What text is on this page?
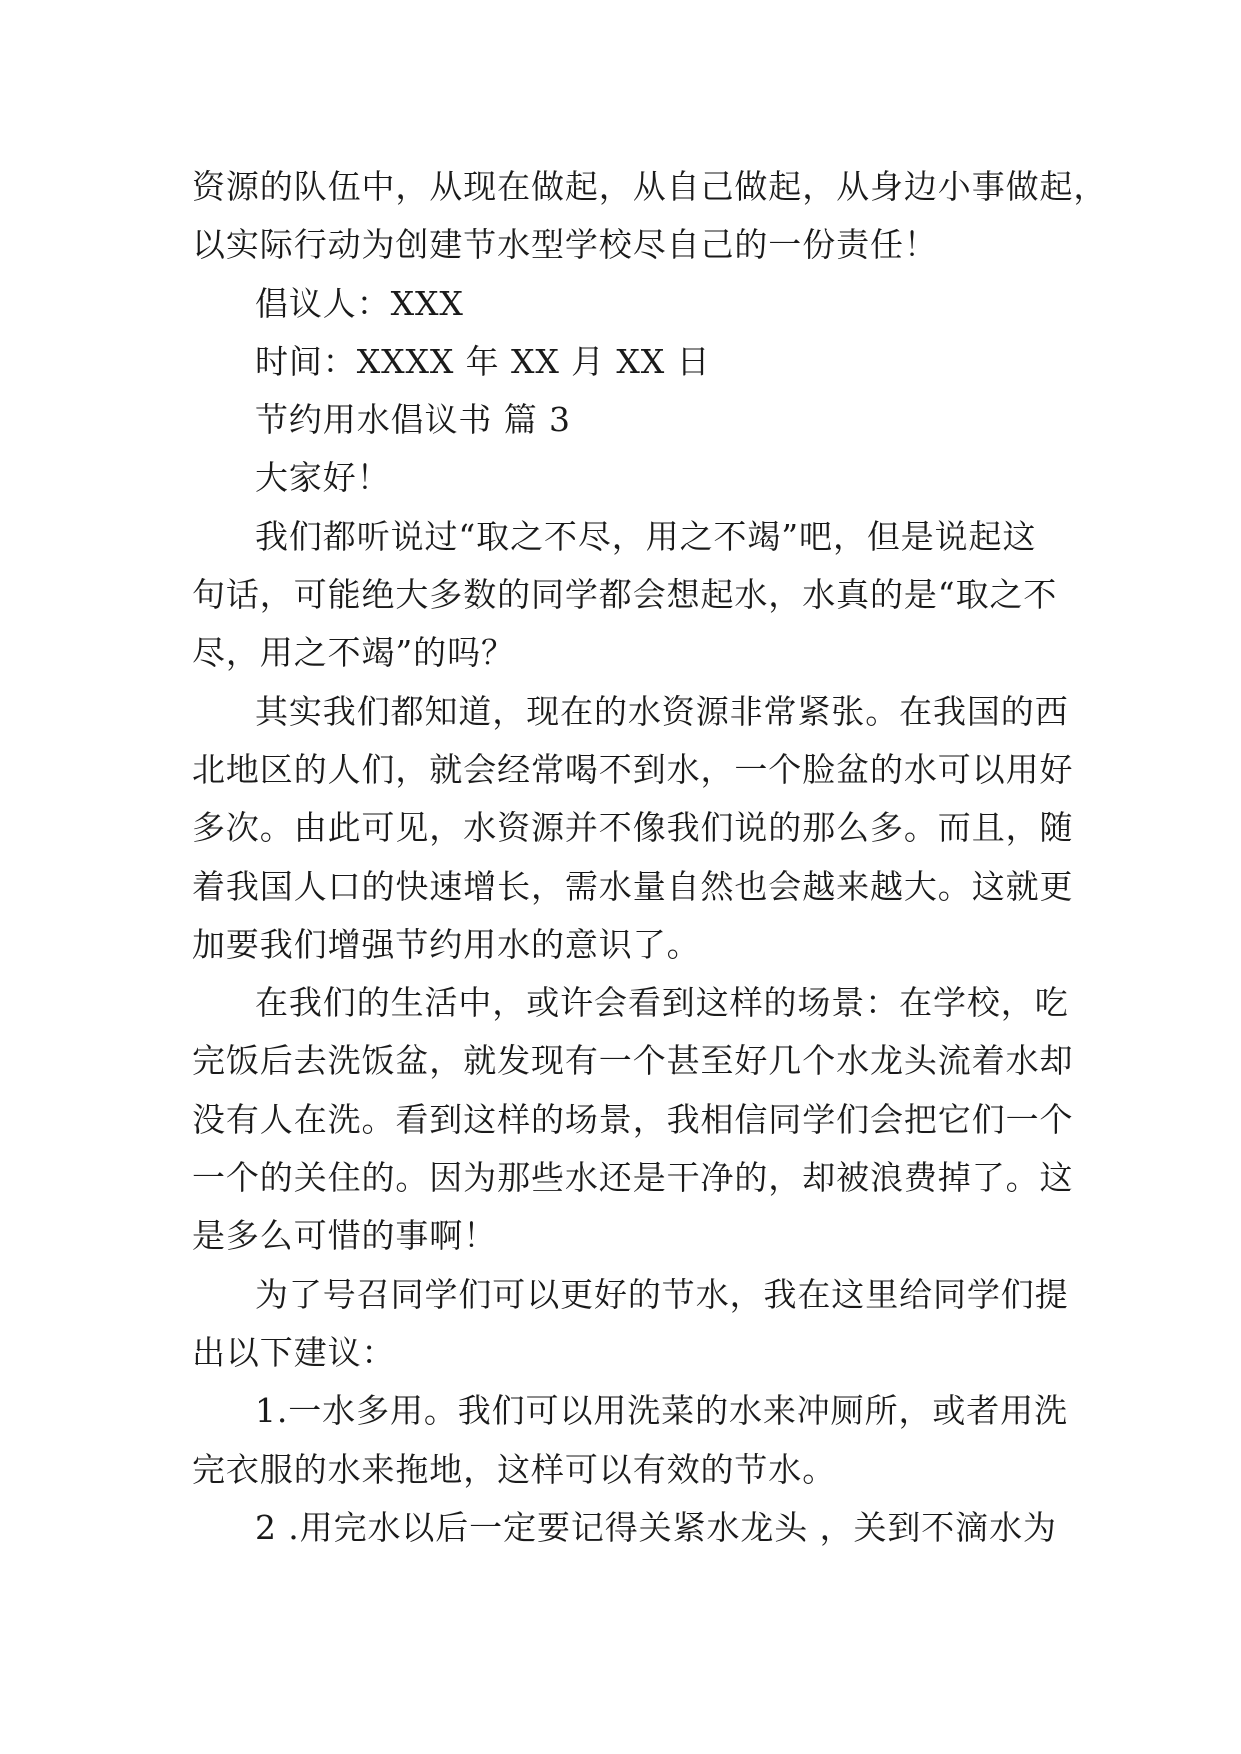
资源的队伍中，从现在做起，从自己做起，从身边小事做起，

以实际行动为创建节水型学校尽自己的一份责任！

倡议人：XXX

时间：XXXX 年 XX 月 XX 日

节约用水倡议书 篇 3

大家好！

我们都听说过“取之不尽，用之不竭”吧，但是说起这

句话，可能绝大多数的同学都会想起水，水真的是“取之不

尽，用之不竭”的吗？

其实我们都知道，现在的水资源非常紧张。在我国的西

北地区的人们，就会经常喝不到水，一个脸盆的水可以用好

多次。由此可见，水资源并不像我们说的那么多。而且，随

着我国人口的快速增长，需水量自然也会越来越大。这就更

加要我们增强节约用水的意识了。

在我们的生活中，或许会看到这样的场景：在学校，吃

完饭后去洗饭盆，就发现有一个甚至好几个水龙头流着水却

没有人在洗。看到这样的场景，我相信同学们会把它们一个

一个的关住的。因为那些水还是干净的，却被浪费掉了。这

是多么可惜的事啊！

为了号召同学们可以更好的节水，我在这里给同学们提

出以下建议：

1.一水多用。我们可以用洗菜的水来冲厕所，或者用洗

完衣服的水来拖地，这样可以有效的节水。

2 .用完水以后一定要记得关紧水龙头 ，关到不滴水为
